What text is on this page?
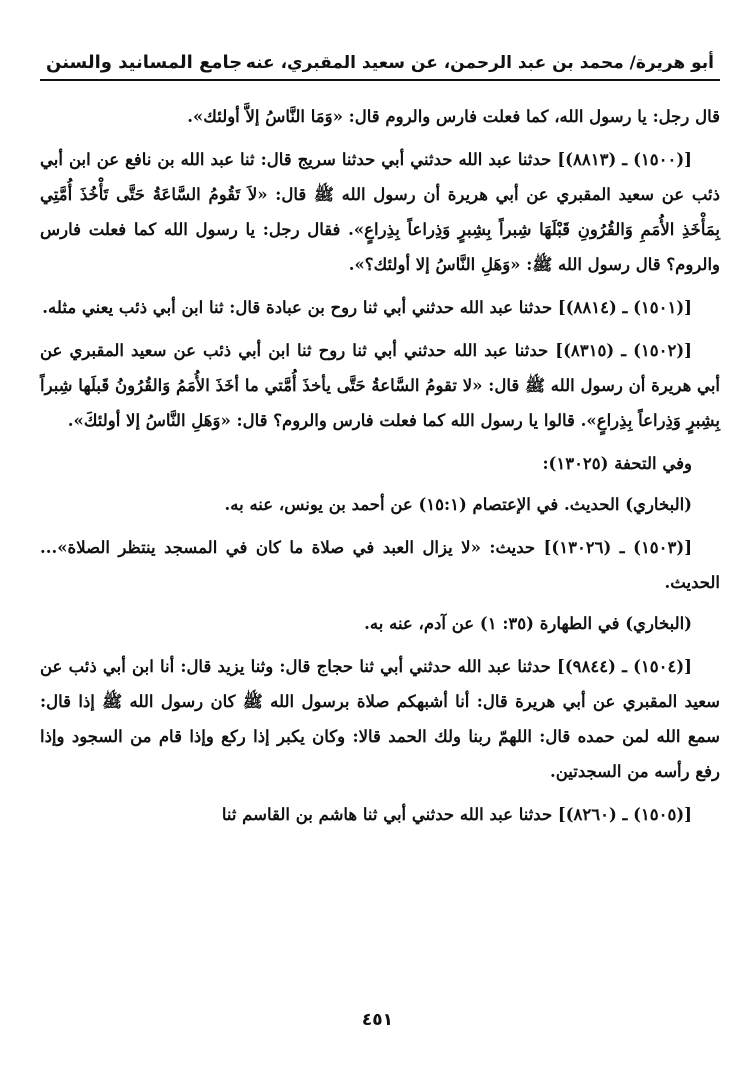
أبو هريرة/ محمد بن عبد الرحمن، عن سعيد المقبري، عنه
جامع المسانيد والسنن

قال رجل: يا رسول الله، كما فعلت فارس والروم قال: «وَمَا النَّاسُ إلاَّ أولئك».

[(١٥٠٠) ـ (٨٨١٣)] حدثنا عبد الله حدثني أبي حدثنا سريج قال: ثنا عبد الله بن نافع عن ابن أبي ذئب عن سعيد المقبري عن أبي هريرة أن رسول الله ﷺ قال: «لاَ تَقُومُ السَّاعَةُ حَتَّى تَأْخُذَ أُمَّتِي بِمَأْخَذِ الأُمَمِ وَالقُرُونِ قَبْلَهَا شِبراً بِشِبرٍ وَذِراعاً بِذِراعٍ». فقال رجل: يا رسول الله كما فعلت فارس والروم؟ قال رسول الله ﷺ: «وَهَلِ النَّاسُ إلا أولئك؟».

[(١٥٠١) ـ (٨٨١٤)] حدثنا عبد الله حدثني أبي ثنا روح بن عبادة قال: ثنا ابن أبي ذئب يعني مثله.

[(١٥٠٢) ـ (٨٣١٥)] حدثنا عبد الله حدثني أبي ثنا روح ثنا ابن أبي ذئب عن سعيد المقبري عن أبي هريرة أن رسول الله ﷺ قال: «لا تقومُ السَّاعةُ حَتَّى يأخذَ أُمَّتي ما أخَذَ الأُمَمُ وَالقُرُونُ قَبلَها شِبراً بِشِبرٍ وَذِراعاً بِذِراعٍ». قالوا يا رسول الله كما فعلت فارس والروم؟ قال: «وَهَلِ النَّاسُ إلا أولئكَ».

وفي التحفة (١٣٠٢٥):

(البخاري) الحديث. في الإعتصام (١٥:١) عن أحمد بن يونس، عنه به.

[(١٥٠٣) ـ (١٣٠٢٦)] حديث: «لا يزال العبد في صلاة ما كان في المسجد ينتظر الصلاة»... الحديث.

(البخاري) في الطهارة (٣٥: ١) عن آدم، عنه به.

[(١٥٠٤) ـ (٩٨٤٤)] حدثنا عبد الله حدثني أبي ثنا حجاج قال: وثنا يزيد قال: أنا ابن أبي ذئب عن سعيد المقبري عن أبي هريرة قال: أنا أشبهكم صلاة برسول الله ﷺ كان رسول الله ﷺ إذا قال: سمع الله لمن حمده قال: اللهمّ ربنا ولك الحمد قالا: وكان يكبر إذا ركع وإذا قام من السجود وإذا رفع رأسه من السجدتين.

[(١٥٠٥) ـ (٨٢٦٠)] حدثنا عبد الله حدثني أبي ثنا هاشم بن القاسم ثنا

٤٥١
